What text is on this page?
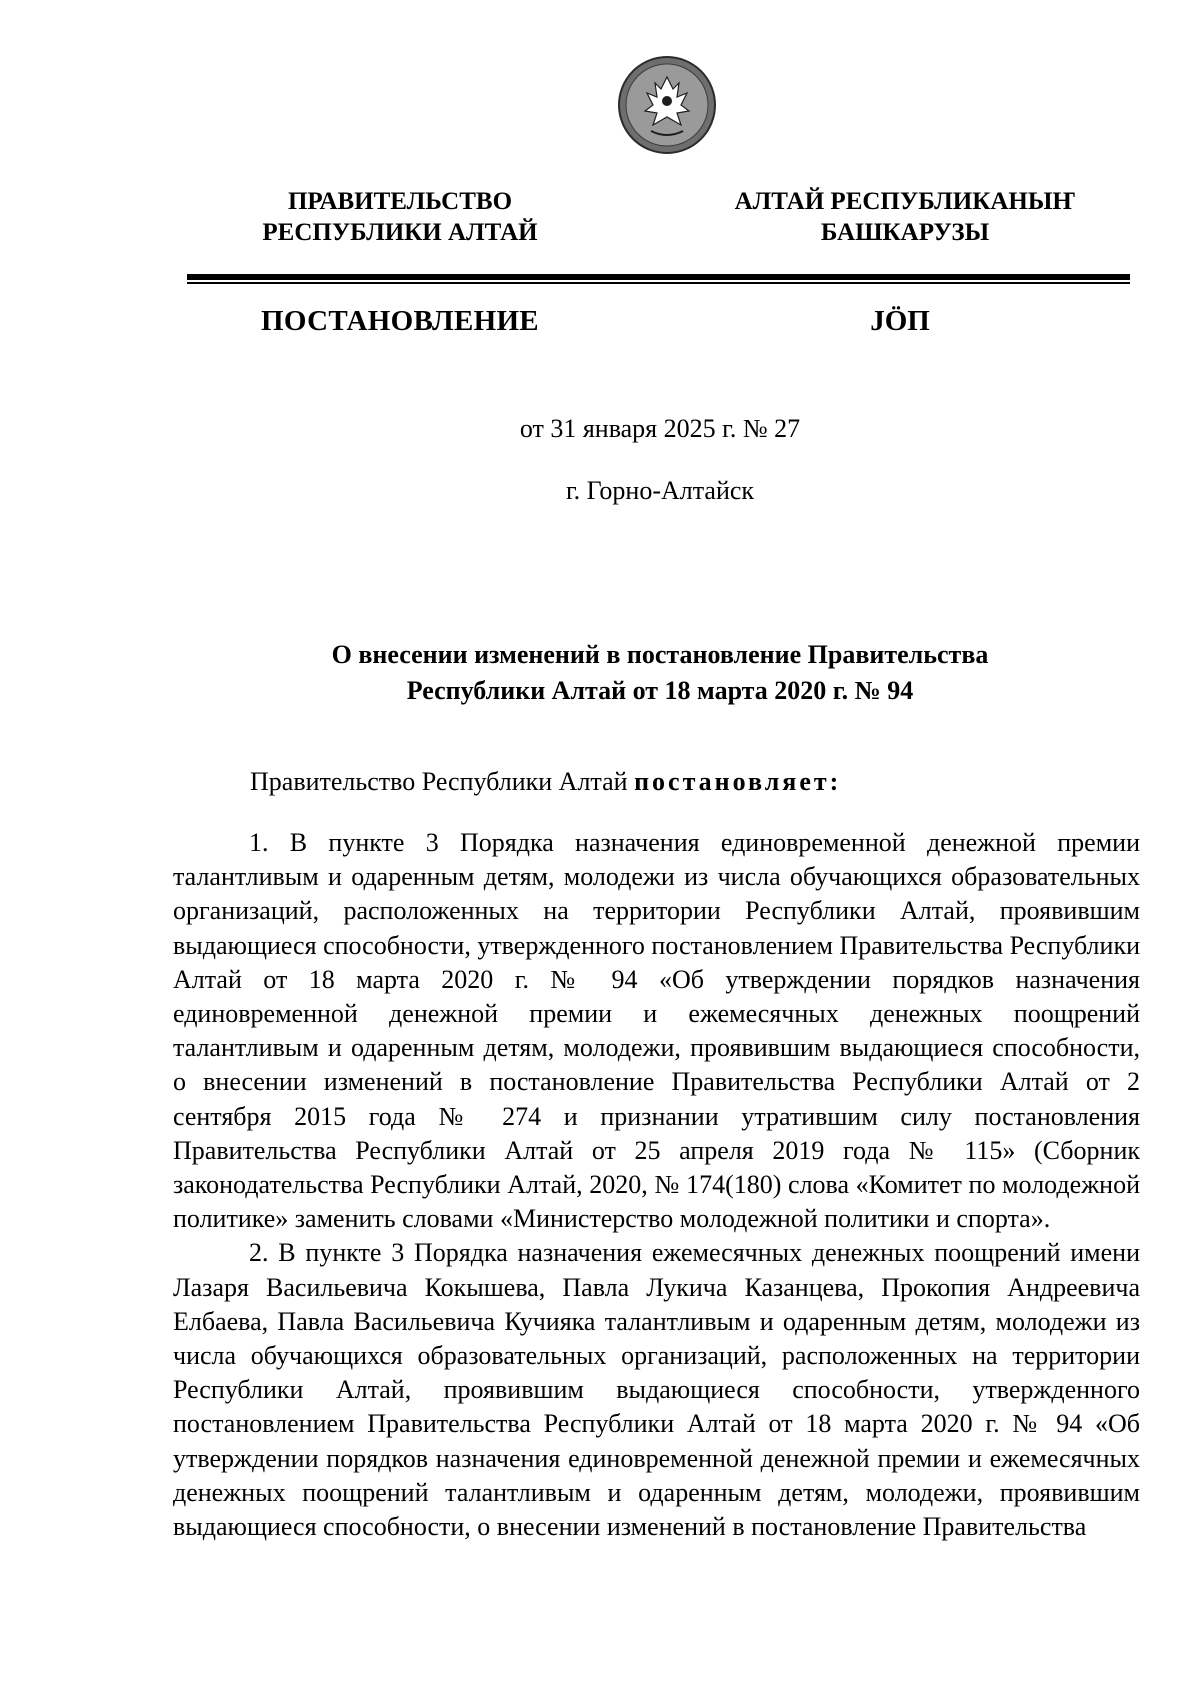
ПРАВИТЕЛЬСТВО
РЕСПУБЛИКИ АЛТАЙ
АЛТАЙ РЕСПУБЛИКАНЫҤ
БАШКАРУЗЫ
ПОСТАНОВЛЕНИЕ	JÖП
от 31 января 2025 г. № 27
г. Горно-Алтайск
О внесении изменений в постановление Правительства
Республики Алтай от 18 марта 2020 г. № 94
Правительство Республики Алтай постановляет:

1. В пункте 3 Порядка назначения единовременной денежной премии талантливым и одаренным детям, молодежи из числа обучающихся образовательных организаций, расположенных на территории Республики Алтай, проявившим выдающиеся способности, утвержденного постановлением Правительства Республики Алтай от 18 марта 2020 г. № 94 «Об утверждении порядков назначения единовременной денежной премии и ежемесячных денежных поощрений талантливым и одаренным детям, молодежи, проявившим выдающиеся способности, о внесении изменений в постановление Правительства Республики Алтай от 2 сентября 2015 года № 274 и признании утратившим силу постановления Правительства Республики Алтай от 25 апреля 2019 года № 115» (Сборник законодательства Республики Алтай, 2020, № 174(180) слова «Комитет по молодежной политике» заменить словами «Министерство молодежной политики и спорта».

2. В пункте 3 Порядка назначения ежемесячных денежных поощрений имени Лазаря Васильевича Кокышева, Павла Лукича Казанцева, Прокопия Андреевича Елбаева, Павла Васильевича Кучияка талантливым и одаренным детям, молодежи из числа обучающихся образовательных организаций, расположенных на территории Республики Алтай, проявившим выдающиеся способности, утвержденного постановлением Правительства Республики Алтай от 18 марта 2020 г. № 94 «Об утверждении порядков назначения единовременной денежной премии и ежемесячных денежных поощрений талантливым и одаренным детям, молодежи, проявившим выдающиеся способности, о внесении изменений в постановление Правительства
